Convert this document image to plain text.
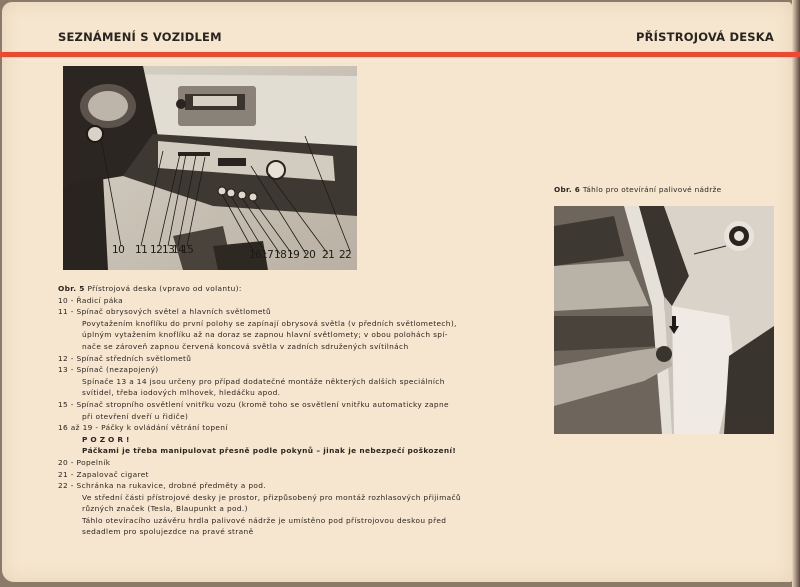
SEZNÁMENÍ S VOZIDLEM	PŘÍSTROJOVÁ DESKA
10 11 12 13
14
15	16 17 18 19 20 21 22
Obr. 6 Táhlo pro otevírání palivové nádrže
Obr. 5 Přístrojová deska (vpravo od volantu):
10 - Řadicí páka
11 - Spínač obrysových světel a hlavních světlometů
Povytažením knoflíku do první polohy se zapínají obrysová světla (v předních světlometech),
úplným vytažením knoflíku až na doraz se zapnou hlavní světlomety; v obou polohách spí-
nače se zároveň zapnou červená koncová světla v zadních sdružených svítilnách
12 - Spínač středních světlometů
13 - Spínač (nezapojený)
Spínače 13 a 14 jsou určeny pro případ dodatečné montáže některých dalších speciálních
svítidel, třeba iodových mlhovek, hledáčku apod.
15 - Spínač stropního osvětlení vnitřku vozu (kromě toho se osvětlení vnitřku automaticky zapne
při otevření dveří u řidiče)
16 až 19 - Páčky k ovládání větrání topení
POZOR!
Páčkami je třeba manipulovat přesně podle pokynů – jinak je nebezpečí poškození!
20 - Popelník
21 - Zapalovač cigaret
22 - Schránka na rukavice, drobné předměty a pod.
Ve střední části přístrojové desky je prostor, přizpůsobený pro montáž rozhlasových přijimačů
různých značek (Tesla, Blaupunkt a pod.)
Táhlo otevíracího uzávěru hrdla palivové nádrže je umístěno pod přístrojovou deskou před
sedadlem pro spolujezdce na pravé straně
